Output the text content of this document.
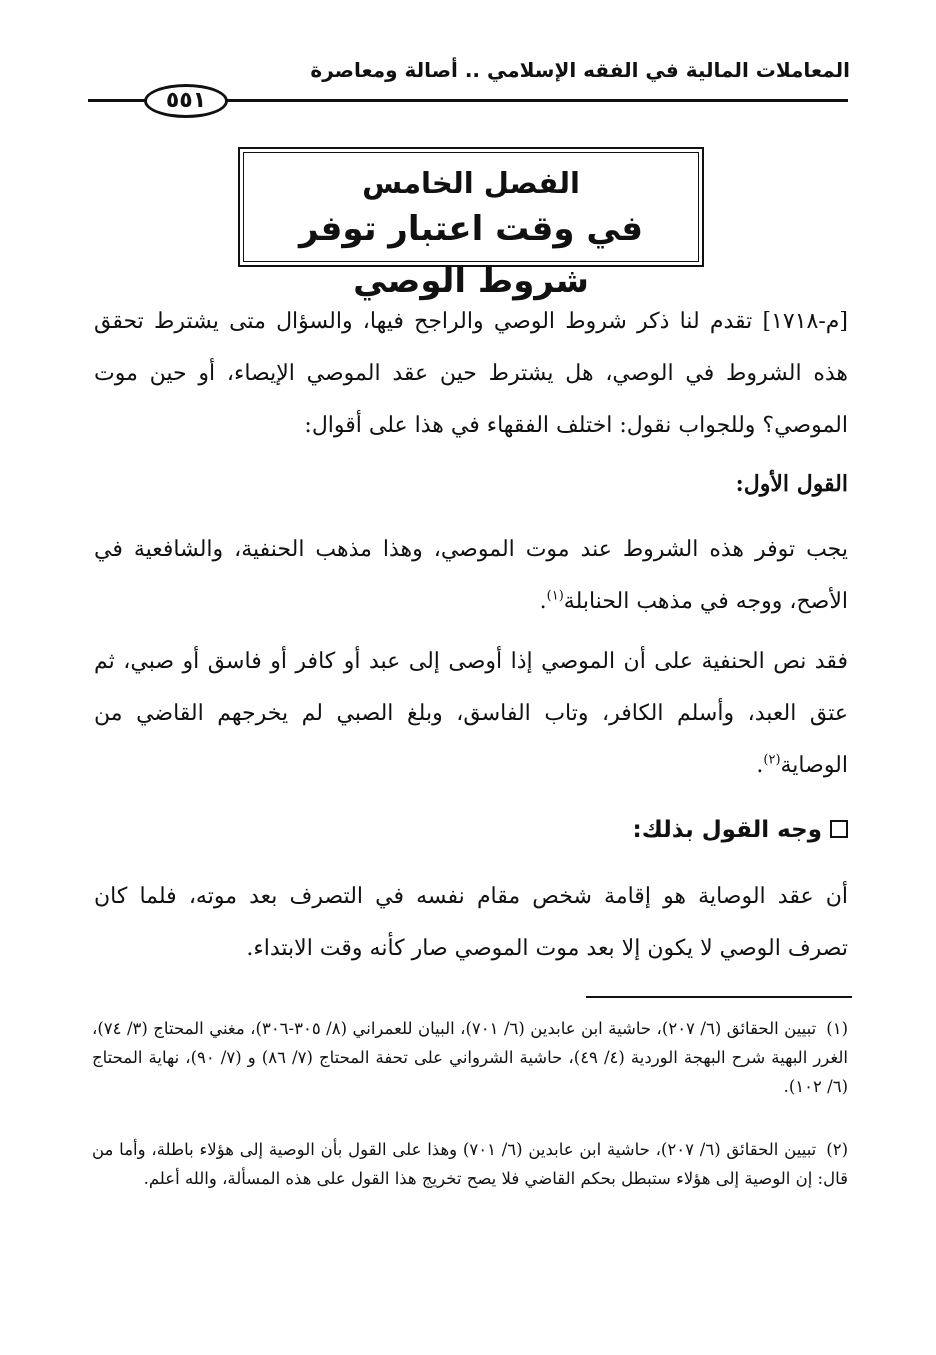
المعاملات المالية في الفقه الإسلامي .. أصالة ومعاصرة
٥٥١
الفصل الخامس
في وقت اعتبار توفر شروط الوصي

[م-١٧١٨] تقدم لنا ذكر شروط الوصي والراجح فيها، والسؤال متى يشترط تحقق هذه الشروط في الوصي، هل يشترط حين عقد الموصي الإيصاء، أو حين موت الموصي؟ وللجواب نقول: اختلف الفقهاء في هذا على أقوال:

القول الأول:

يجب توفر هذه الشروط عند موت الموصي، وهذا مذهب الحنفية، والشافعية في الأصح، ووجه في مذهب الحنابلة$^{(١)}$.

فقد نص الحنفية على أن الموصي إذا أوصى إلى عبد أو كافر أو فاسق أو صبي، ثم عتق العبد، وأسلم الكافر، وتاب الفاسق، وبلغ الصبي لم يخرجهم القاضي من الوصاية$^{(٢)}$.

وجه القول بذلك:

أن عقد الوصاية هو إقامة شخص مقام نفسه في التصرف بعد موته، فلما كان تصرف الوصي لا يكون إلا بعد موت الموصي صار كأنه وقت الابتداء.

(١)تبيين الحقائق (٦/ ٢٠٧)، حاشية ابن عابدين (٦/ ٧٠١)، البيان للعمراني (٨/ ٣٠٥-٣٠٦)، مغني المحتاج (٣/ ٧٤)، الغرر البهية شرح البهجة الوردية (٤/ ٤٩)، حاشية الشرواني على تحفة المحتاج (٧/ ٨٦) و (٧/ ٩٠)، نهاية المحتاج (٦/ ١٠٢).

(٢)تبيين الحقائق (٦/ ٢٠٧)، حاشية ابن عابدين (٦/ ٧٠١) وهذا على القول بأن الوصية إلى هؤلاء باطلة، وأما من قال: إن الوصية إلى هؤلاء ستبطل بحكم القاضي فلا يصح تخريج هذا القول على هذه المسألة، والله أعلم.
